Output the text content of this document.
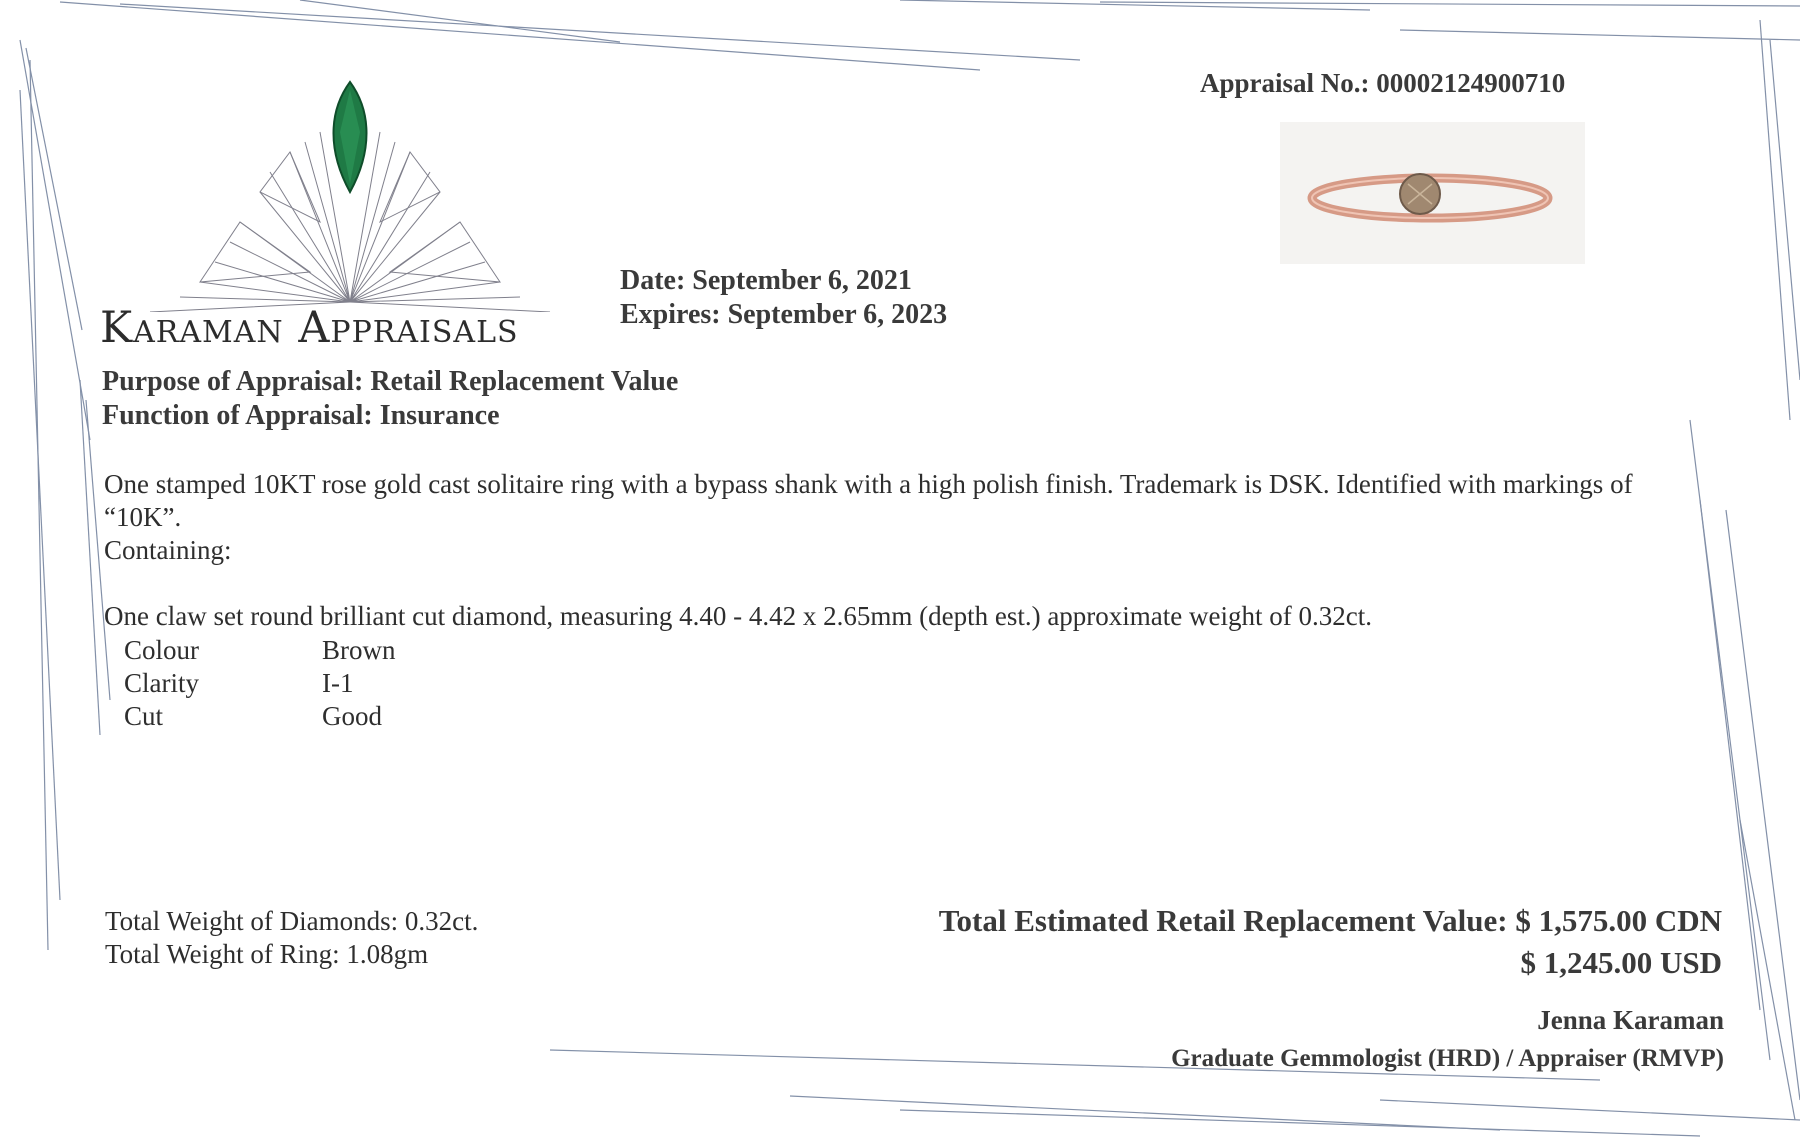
Karaman Appraisals
Appraisal No.: 00002124900710
Date: September 6, 2021
Expires: September 6, 2023
Purpose of Appraisal: Retail Replacement Value
Function of Appraisal: Insurance
One stamped 10KT rose gold cast solitaire ring with a bypass shank with a high polish finish. Trademark is DSK. Identified with markings of “10K”.
Containing:
One claw set round brilliant cut diamond, measuring 4.40 - 4.42 x 2.65mm (depth est.) approximate weight of 0.32ct.
Colour	Brown
Clarity	I-1
Cut	Good
Total Weight of Diamonds: 0.32ct.
Total Weight of Ring: 1.08gm
Total Estimated Retail Replacement Value: $ 1,575.00 CDN
$ 1,245.00 USD
Jenna Karaman
Graduate Gemmologist (HRD) / Appraiser (RMVP)
